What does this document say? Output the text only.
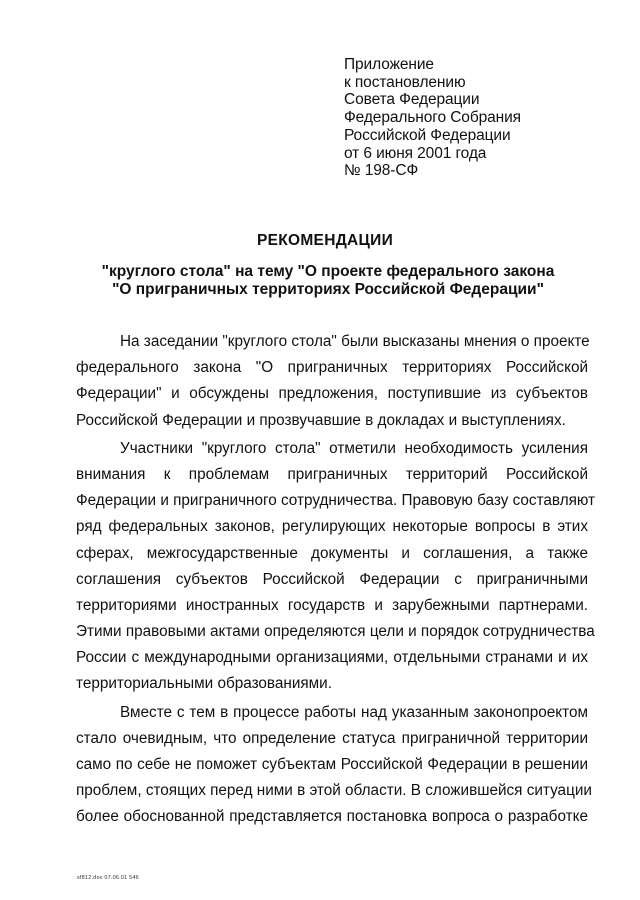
Приложение
к постановлению
Совета Федерации
Федерального Собрания
Российской Федерации
от 6 июня 2001 года
№ 198-СФ
РЕКОМЕНДАЦИИ
"круглого стола" на тему "О проекте федерального закона
"О приграничных территориях Российской Федерации"
На заседании "круглого стола" были высказаны мнения о проекте
федерального закона "О приграничных территориях Российской
Федерации" и обсуждены предложения, поступившие из субъектов
Российской Федерации и прозвучавшие в докладах и выступлениях.
Участники "круглого стола" отметили необходимость усиления
внимания к проблемам приграничных территорий Российской
Федерации и приграничного сотрудничества. Правовую базу составляют
ряд федеральных законов, регулирующих некоторые вопросы в этих
сферах, межгосударственные документы и соглашения, а также
соглашения субъектов Российской Федерации с приграничными
территориями иностранных государств и зарубежными партнерами.
Этими правовыми актами определяются цели и порядок сотрудничества
России с международными организациями, отдельными странами и их
территориальными образованиями.
Вместе с тем в процессе работы над указанным законопроектом
стало очевидным, что определение статуса приграничной территории
само по себе не поможет субъектам Российской Федерации в решении
проблем, стоящих перед ними в этой области. В сложившейся ситуации
более обоснованной представляется постановка вопроса о разработке
sf812.doc 07.06.01 546
